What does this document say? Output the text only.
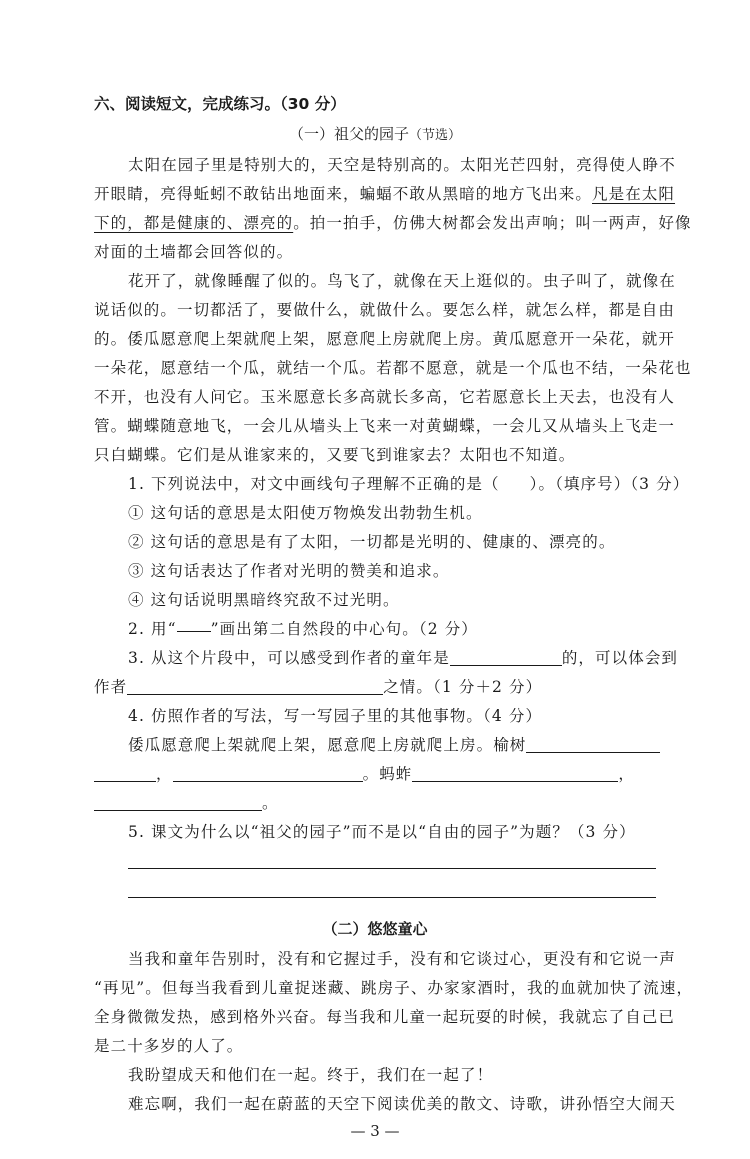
六、阅读短文，完成练习。（30 分）
（一）祖父的园子（节选）
太阳在园子里是特别大的，天空是特别高的。太阳光芒四射，亮得使人睁不
开眼睛，亮得蚯蚓不敢钻出地面来，蝙蝠不敢从黑暗的地方飞出来。凡是在太阳
下的，都是健康的、漂亮的。拍一拍手，仿佛大树都会发出声响；叫一两声，好像
对面的土墙都会回答似的。
花开了，就像睡醒了似的。鸟飞了，就像在天上逛似的。虫子叫了，就像在
说话似的。一切都活了，要做什么，就做什么。要怎么样，就怎么样，都是自由
的。倭瓜愿意爬上架就爬上架，愿意爬上房就爬上房。黄瓜愿意开一朵花，就开
一朵花，愿意结一个瓜，就结一个瓜。若都不愿意，就是一个瓜也不结，一朵花也
不开，也没有人问它。玉米愿意长多高就长多高，它若愿意长上天去，也没有人
管。蝴蝶随意地飞，一会儿从墙头上飞来一对黄蝴蝶，一会儿又从墙头上飞走一
只白蝴蝶。它们是从谁家来的，又要飞到谁家去？太阳也不知道。
1. 下列说法中，对文中画线句子理解不正确的是（ ）。（填序号）（3 分）
① 这句话的意思是太阳使万物焕发出勃勃生机。
② 这句话的意思是有了太阳，一切都是光明的、健康的、漂亮的。
③ 这句话表达了作者对光明的赞美和追求。
④ 这句话说明黑暗终究敌不过光明。
2. 用“ ”画出第二自然段的中心句。（2 分）
3. 从这个片段中，可以感受到作者的童年是	的，可以体会到
作者	之情。（1 分＋2 分）
4. 仿照作者的写法，写一写园子里的其他事物。（4 分）
倭瓜愿意爬上架就爬上架，愿意爬上房就爬上房。榆树
，	。蚂蚱	，
。
5. 课文为什么以“祖父的园子”而不是以“自由的园子”为题？（3 分）
（二）悠悠童心
当我和童年告别时，没有和它握过手，没有和它谈过心，更没有和它说一声
“再见”。但每当我看到儿童捉迷藏、跳房子、办家家酒时，我的血就加快了流速，
全身微微发热，感到格外兴奋。每当我和儿童一起玩耍的时候，我就忘了自己已
是二十多岁的人了。
我盼望成天和他们在一起。终于，我们在一起了！
难忘啊，我们一起在蔚蓝的天空下阅读优美的散文、诗歌，讲孙悟空大闹天
— 3 —
